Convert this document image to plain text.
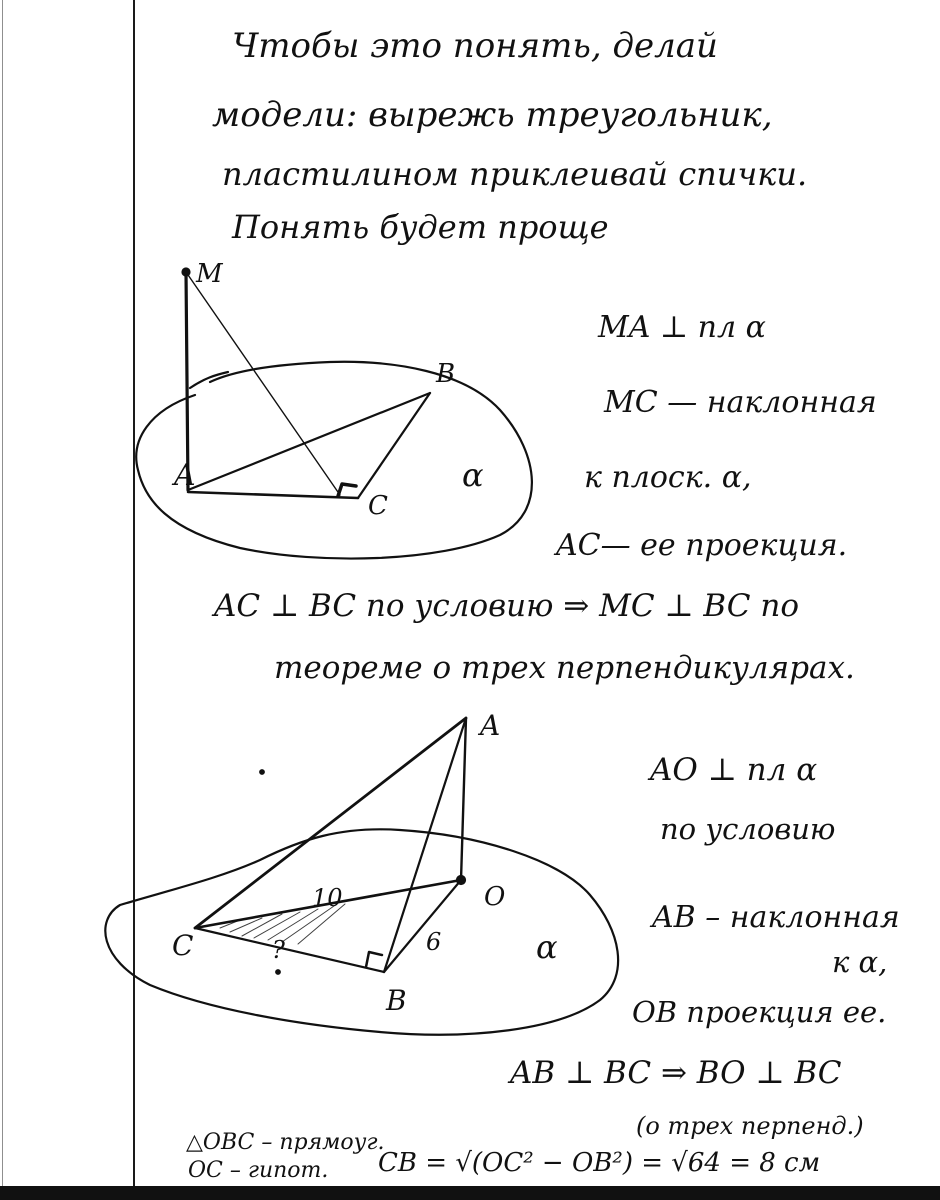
Чтобы это понять, делай
модели: вырежь треугольник,
пластилином приклеивай спички.
Понять будет проще
MA ⊥ пл α
MC — наклонная
к плоск. α,
AC— ее проекция.
AC ⊥ BC по условию ⇒ MC ⊥ BC по
теореме о трех перпендикулярах.
AO ⊥ пл α
по условию
AB – наклонная
к α,
OB проекция ее.
AB ⊥ BC ⇒ BO ⊥ BC
(о трех перпенд.)
△OBC – прямоуг.
OC – гипот. CB = √(OC² − OB²) = √64 = 8 см
M
A
B
C
α
A
O
C
B
α
10
6
?
